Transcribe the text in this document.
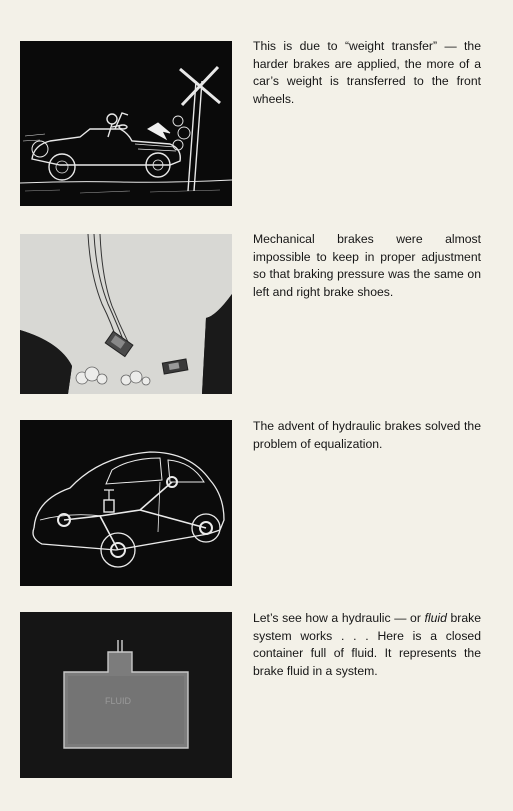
This is due to “weight transfer” — the harder brakes are applied, the more of a car’s weight is transferred to the front wheels.

Mechanical brakes were almost impossible to keep in proper adjustment so that braking pressure was the same on left and right brake shoes.

The advent of hydraulic brakes solved the problem of equalization.

FLUID

Let’s see how a hydraulic — or fluid brake system works . . . Here is a closed container full of fluid. It represents the brake fluid in a system.
